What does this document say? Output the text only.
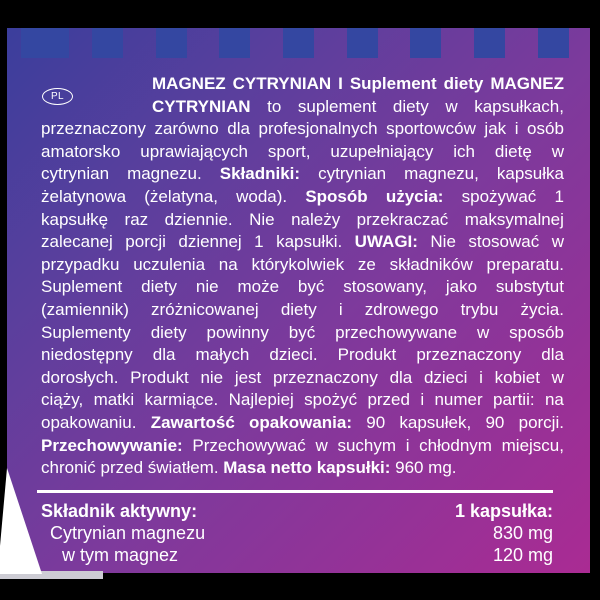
PL
MAGNEZ CYTRYNIAN I Suplement diety MAGNEZ
CYTRYNIAN to suplement diety w kapsułkach,
przeznaczony zarówno dla profesjonalnych sportowców jak i osób
amatorsko uprawiających sport, uzupełniający ich dietę w
cytrynian magnezu. Składniki: cytrynian magnezu, kapsułka
żelatynowa (żelatyna, woda). Sposób użycia: spożywać 1
kapsułkę raz dziennie. Nie należy przekraczać maksymalnej
zalecanej porcji dziennej 1 kapsułki. UWAGI: Nie stosować w
przypadku uczulenia na którykolwiek ze składników preparatu.
Suplement diety nie może być stosowany, jako substytut
(zamiennik) zróżnicowanej diety i zdrowego trybu życia.
Suplementy diety powinny być przechowywane w sposób
niedostępny dla małych dzieci. Produkt przeznaczony dla
dorosłych. Produkt nie jest przeznaczony dla dzieci i kobiet w
ciąży, matki karmiące. Najlepiej spożyć przed i numer partii: na
opakowaniu. Zawartość opakowania: 90 kapsułek, 90 porcji.
Przechowywanie: Przechowywać w suchym i chłodnym miejscu,
chronić przed światłem. Masa netto kapsułki: 960 mg.
Składnik aktywny:	1 kapsułka:
Cytrynian magnezu	830 mg
w tym magnez	120 mg
